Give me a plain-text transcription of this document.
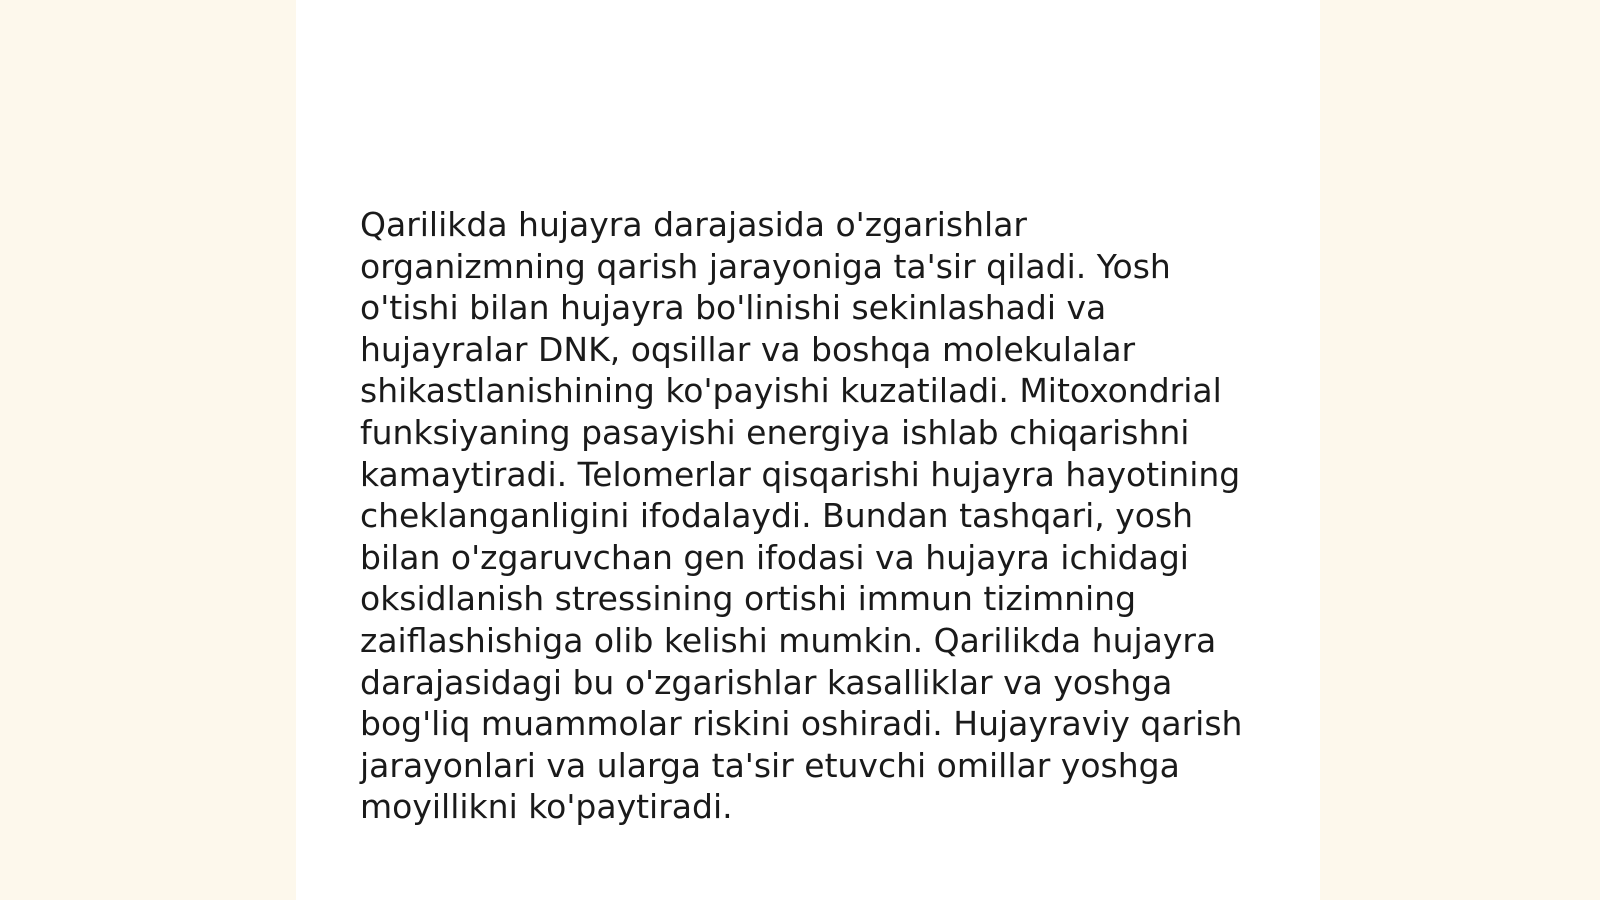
Qarilikda hujayra darajasida o'zgarishlar
organizmning qarish jarayoniga ta'sir qiladi. Yosh
o'tishi bilan hujayra bo'linishi sekinlashadi va
hujayralar DNK, oqsillar va boshqa molekulalar
shikastlanishining ko'payishi kuzatiladi. Mitoxondrial
funksiyaning pasayishi energiya ishlab chiqarishni
kamaytiradi. Telomerlar qisqarishi hujayra hayotining
cheklanganligini ifodalaydi. Bundan tashqari, yosh
bilan o'zgaruvchan gen ifodasi va hujayra ichidagi
oksidlanish stressining ortishi immun tizimning
zaiflashishiga olib kelishi mumkin. Qarilikda hujayra
darajasidagi bu o'zgarishlar kasalliklar va yoshga
bog'liq muammolar riskini oshiradi. Hujayraviy qarish
jarayonlari va ularga ta'sir etuvchi omillar yoshga
moyillikni ko'paytiradi.
